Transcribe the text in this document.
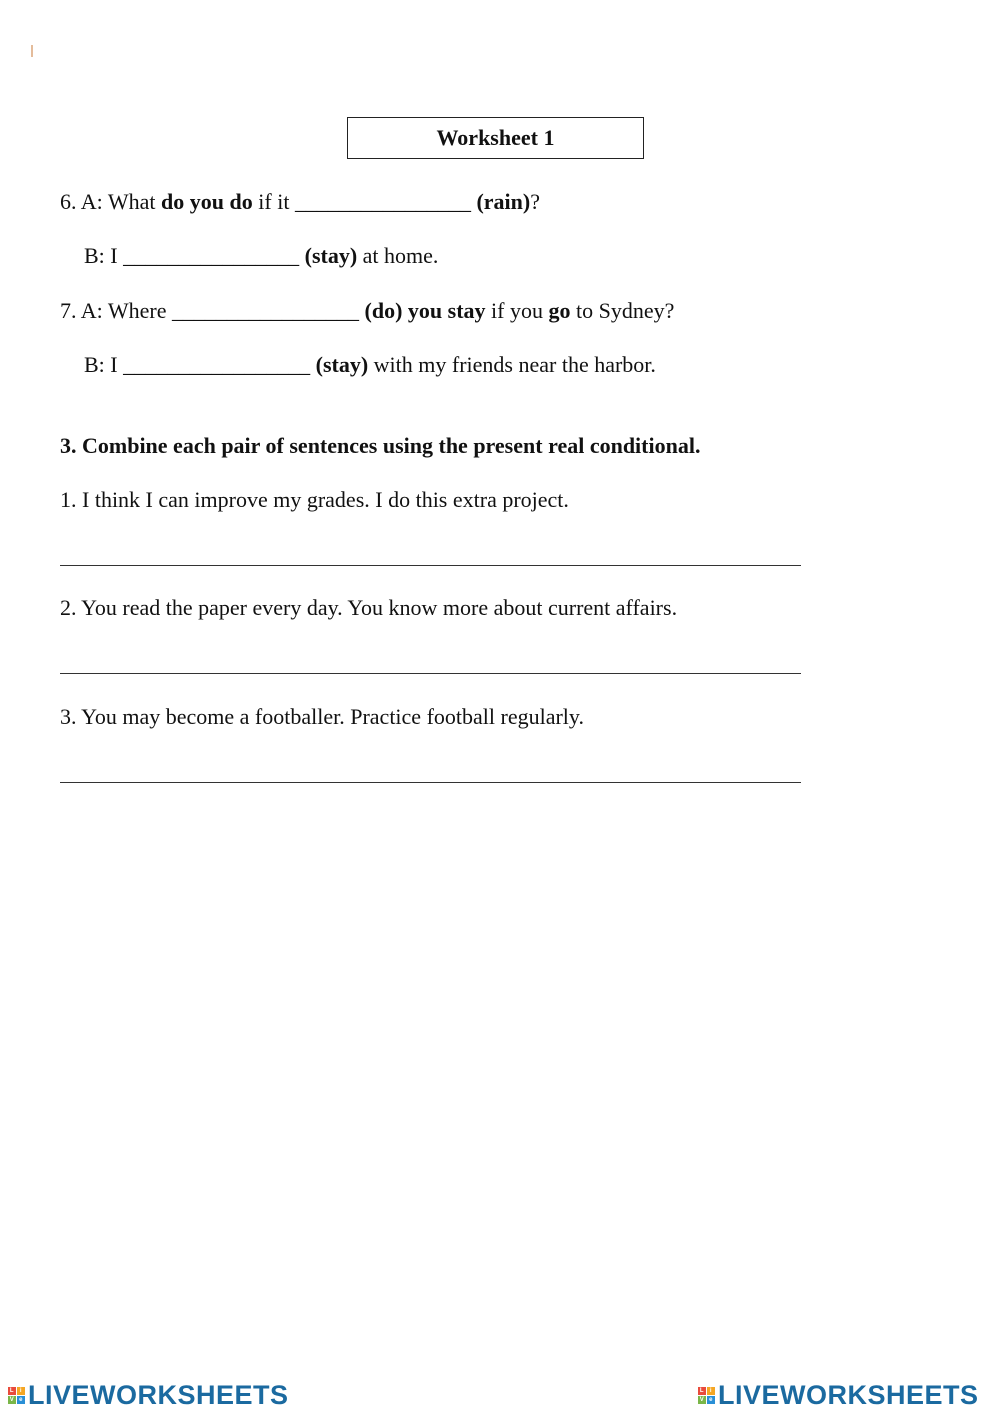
Worksheet 1
6. A: What do you do if it ________________ (rain)?
B: I ________________ (stay) at home.
7. A: Where _________________ (do) you stay if you go to Sydney?
B: I _________________ (stay) with my friends near the harbor.
3. Combine each pair of sentences using the present real conditional.
1. I think I can improve my grades. I do this extra project.
2. You read the paper every day. You know more about current affairs.
3. You may become a footballer. Practice football regularly.
L i
V e LIVEWORKSHEETS	L i
V e LIVEWORKSHEETS
